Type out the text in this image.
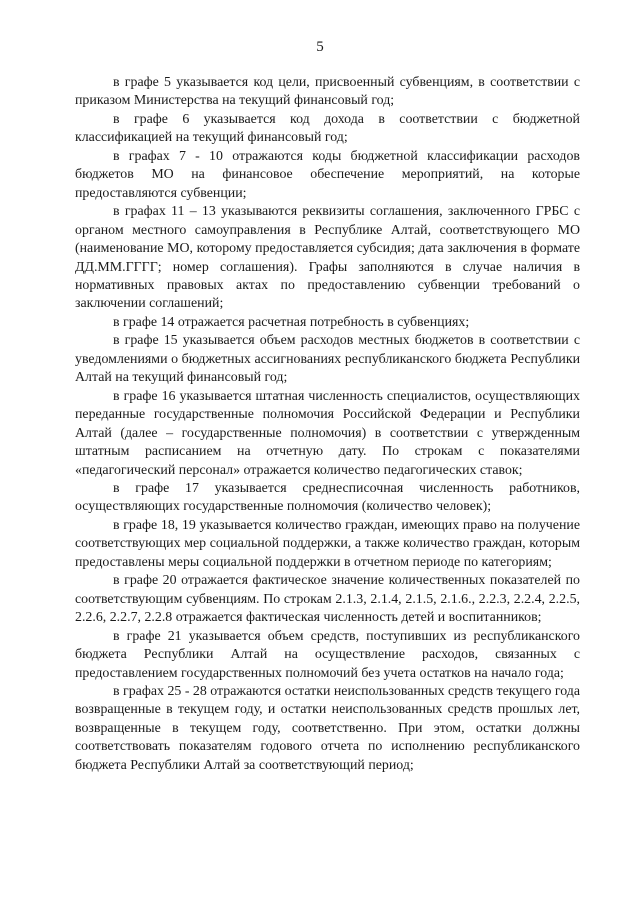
5

в графе 5 указывается код цели, присвоенный субвенциям, в соответствии с приказом Министерства на текущий финансовый год;

в графе 6 указывается код дохода в соответствии с бюджетной классификацией на текущий финансовый год;

в графах 7 - 10 отражаются коды бюджетной классификации расходов бюджетов МО на финансовое обеспечение мероприятий, на которые предоставляются субвенции;

в графах 11 – 13 указываются реквизиты соглашения, заключенного ГРБС с органом местного самоуправления в Республике Алтай, соответствующего МО (наименование МО, которому предоставляется субсидия; дата заключения в формате ДД.ММ.ГГГГ; номер соглашения). Графы заполняются в случае наличия в нормативных правовых актах по предоставлению субвенции требований о заключении соглашений;

в графе 14 отражается расчетная потребность в субвенциях;

в графе 15 указывается объем расходов местных бюджетов в соответствии с уведомлениями о бюджетных ассигнованиях республиканского бюджета Республики Алтай на текущий финансовый год;

в графе 16 указывается штатная численность специалистов, осуществляющих переданные государственные полномочия Российской Федерации и Республики Алтай (далее – государственные полномочия) в соответствии с утвержденным штатным расписанием на отчетную дату. По строкам с показателями «педагогический персонал» отражается количество педагогических ставок;

в графе 17 указывается среднесписочная численность работников, осуществляющих государственные полномочия (количество человек);

в графе 18, 19 указывается количество граждан, имеющих право на получение соответствующих мер социальной поддержки, а также количество граждан, которым предоставлены меры социальной поддержки в отчетном периоде по категориям;

в графе 20 отражается фактическое значение количественных показателей по соответствующим субвенциям. По строкам 2.1.3, 2.1.4, 2.1.5, 2.1.6., 2.2.3, 2.2.4, 2.2.5, 2.2.6, 2.2.7, 2.2.8 отражается фактическая численность детей и воспитанников;

в графе 21 указывается объем средств, поступивших из республиканского бюджета Республики Алтай на осуществление расходов, связанных с предоставлением государственных полномочий без учета остатков на начало года;

в графах 25 - 28 отражаются остатки неиспользованных средств текущего года возвращенные в текущем году, и остатки неиспользованных средств прошлых лет, возвращенные в текущем году, соответственно. При этом, остатки должны соответствовать показателям годового отчета по исполнению республиканского бюджета Республики Алтай за соответствующий период;
